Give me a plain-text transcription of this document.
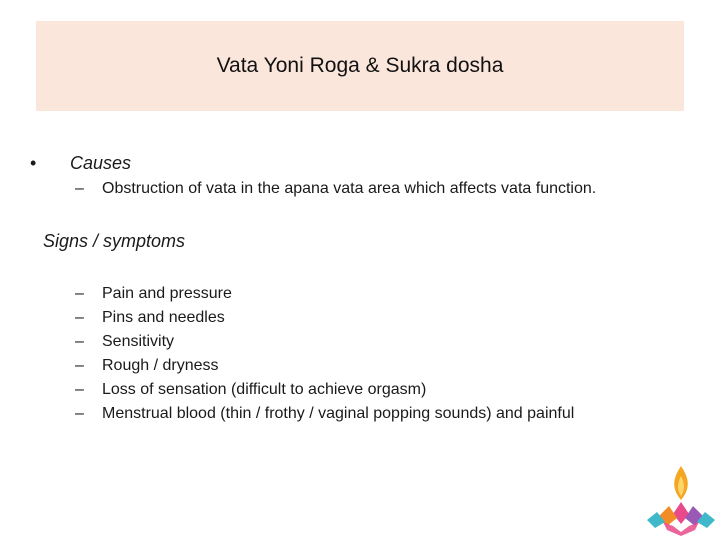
Vata Yoni Roga & Sukra dosha
•	Causes
–	Obstruction of vata in the apana vata area which affects vata function.
Signs / symptoms
–	Pain and pressure
–	Pins and needles
–	Sensitivity
–	Rough / dryness
–	Loss of sensation (difficult to achieve orgasm)
–	Menstrual blood (thin / frothy / vaginal popping sounds) and painful
